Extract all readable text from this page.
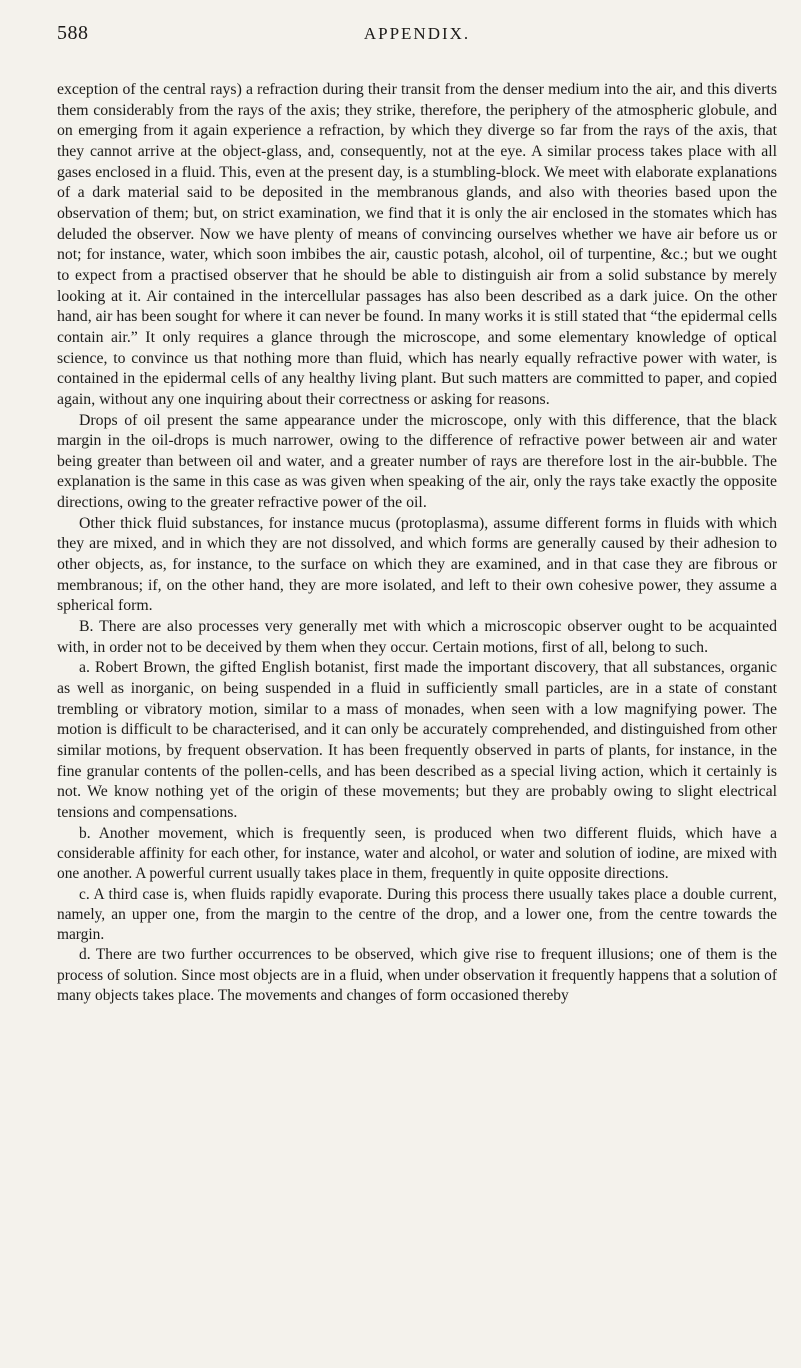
588	APPENDIX.

exception of the central rays) a refraction during their transit from the denser medium into the air, and this diverts them considerably from the rays of the axis; they strike, therefore, the periphery of the atmospheric globule, and on emerging from it again experience a refraction, by which they diverge so far from the rays of the axis, that they cannot arrive at the object-glass, and, consequently, not at the eye. A similar process takes place with all gases enclosed in a fluid. This, even at the present day, is a stumbling-block. We meet with elaborate explanations of a dark material said to be deposited in the membranous glands, and also with theories based upon the observation of them; but, on strict examination, we find that it is only the air enclosed in the stomates which has deluded the observer. Now we have plenty of means of convincing ourselves whether we have air before us or not; for instance, water, which soon imbibes the air, caustic potash, alcohol, oil of turpentine, &c.; but we ought to expect from a practised observer that he should be able to distinguish air from a solid substance by merely looking at it. Air contained in the intercellular passages has also been described as a dark juice. On the other hand, air has been sought for where it can never be found. In many works it is still stated that “the epidermal cells contain air.” It only requires a glance through the microscope, and some elementary knowledge of optical science, to convince us that nothing more than fluid, which has nearly equally refractive power with water, is contained in the epidermal cells of any healthy living plant. But such matters are committed to paper, and copied again, without any one inquiring about their correctness or asking for reasons.

Drops of oil present the same appearance under the microscope, only with this difference, that the black margin in the oil-drops is much narrower, owing to the difference of refractive power between air and water being greater than between oil and water, and a greater number of rays are therefore lost in the air-bubble. The explanation is the same in this case as was given when speaking of the air, only the rays take exactly the opposite directions, owing to the greater refractive power of the oil.

Other thick fluid substances, for instance mucus (protoplasma), assume different forms in fluids with which they are mixed, and in which they are not dissolved, and which forms are generally caused by their adhesion to other objects, as, for instance, to the surface on which they are examined, and in that case they are fibrous or membranous; if, on the other hand, they are more isolated, and left to their own cohesive power, they assume a spherical form.

B. There are also processes very generally met with which a microscopic observer ought to be acquainted with, in order not to be deceived by them when they occur. Certain motions, first of all, belong to such.

a. Robert Brown, the gifted English botanist, first made the important discovery, that all substances, organic as well as inorganic, on being suspended in a fluid in sufficiently small particles, are in a state of constant trembling or vibratory motion, similar to a mass of monades, when seen with a low magnifying power. The motion is difficult to be characterised, and it can only be accurately comprehended, and distinguished from other similar motions, by frequent observation. It has been frequently observed in parts of plants, for instance, in the fine granular contents of the pollen-cells, and has been described as a special living action, which it certainly is not. We know nothing yet of the origin of these movements; but they are probably owing to slight electrical tensions and compensations.

b. Another movement, which is frequently seen, is produced when two different fluids, which have a considerable affinity for each other, for instance, water and alcohol, or water and solution of iodine, are mixed with one another. A powerful current usually takes place in them, frequently in quite opposite directions.

c. A third case is, when fluids rapidly evaporate. During this process there usually takes place a double current, namely, an upper one, from the margin to the centre of the drop, and a lower one, from the centre towards the margin.

d. There are two further occurrences to be observed, which give rise to frequent illusions; one of them is the process of solution. Since most objects are in a fluid, when under observation it frequently happens that a solution of many objects takes place. The movements and changes of form occasioned thereby
